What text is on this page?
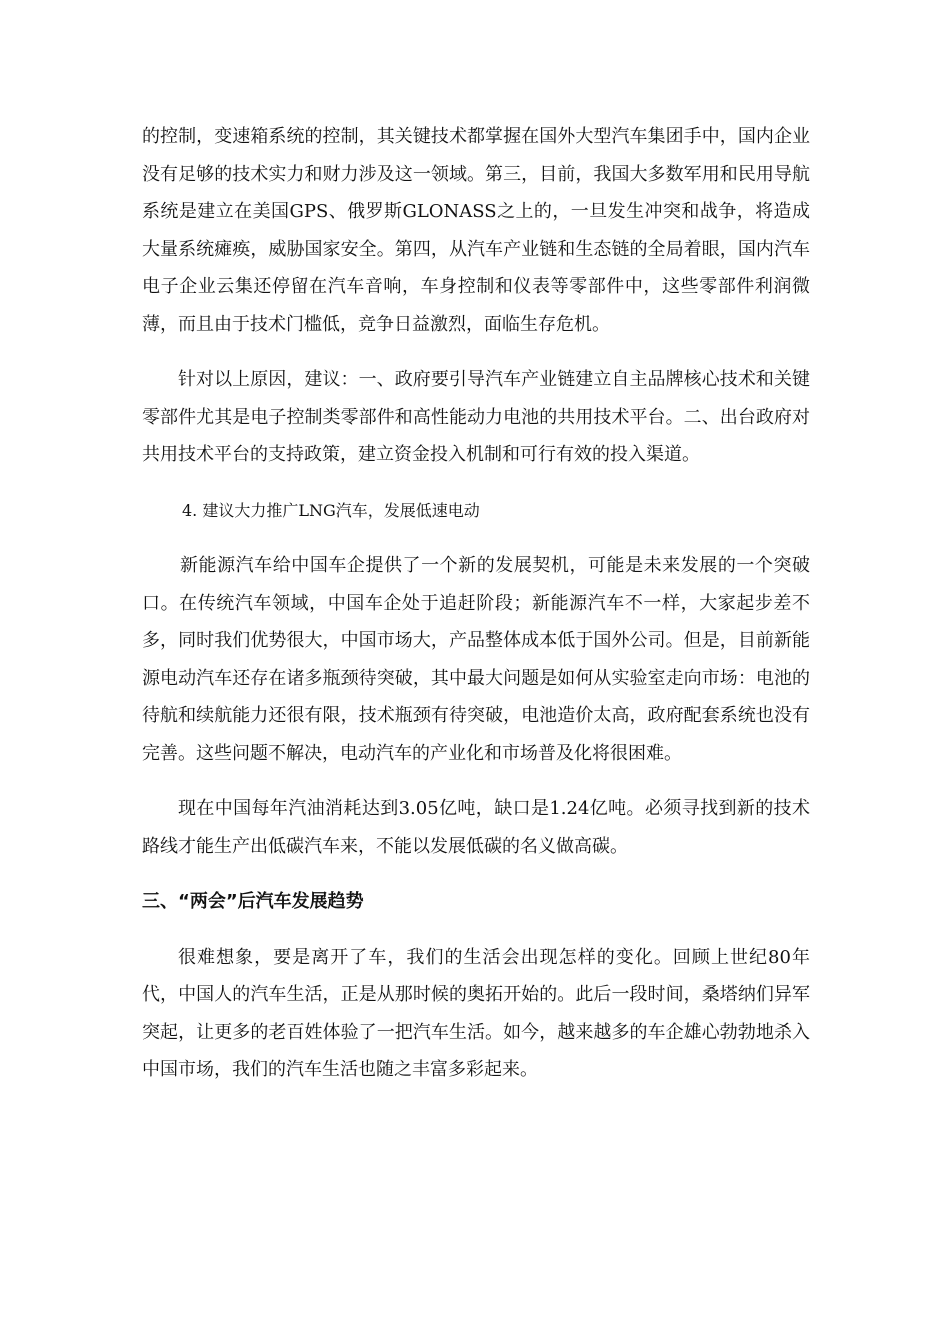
的控制，变速箱系统的控制，其关键技术都掌握在国外大型汽车集团手中，国内企业没有足够的技术实力和财力涉及这一领域。第三，目前，我国大多数军用和民用导航系统是建立在美国GPS、俄罗斯GLONASS之上的，一旦发生冲突和战争，将造成大量系统瘫痪，威胁国家安全。第四，从汽车产业链和生态链的全局着眼，国内汽车电子企业云集还停留在汽车音响，车身控制和仪表等零部件中，这些零部件利润微薄，而且由于技术门槛低，竞争日益激烈，面临生存危机。

针对以上原因，建议：一、政府要引导汽车产业链建立自主品牌核心技术和关键零部件尤其是电子控制类零部件和高性能动力电池的共用技术平台。二、出台政府对共用技术平台的支持政策，建立资金投入机制和可行有效的投入渠道。

4. 建议大力推广LNG汽车，发展低速电动

新能源汽车给中国车企提供了一个新的发展契机，可能是未来发展的一个突破口。在传统汽车领域，中国车企处于追赶阶段；新能源汽车不一样，大家起步差不多，同时我们优势很大，中国市场大，产品整体成本低于国外公司。但是，目前新能源电动汽车还存在诸多瓶颈待突破，其中最大问题是如何从实验室走向市场：电池的待航和续航能力还很有限，技术瓶颈有待突破，电池造价太高，政府配套系统也没有完善。这些问题不解决，电动汽车的产业化和市场普及化将很困难。

现在中国每年汽油消耗达到3.05亿吨，缺口是1.24亿吨。必须寻找到新的技术路线才能生产出低碳汽车来，不能以发展低碳的名义做高碳。

三、“两会”后汽车发展趋势

很难想象，要是离开了车，我们的生活会出现怎样的变化。回顾上世纪80年代，中国人的汽车生活，正是从那时候的奥拓开始的。此后一段时间，桑塔纳们异军突起，让更多的老百姓体验了一把汽车生活。如今，越来越多的车企雄心勃勃地杀入中国市场，我们的汽车生活也随之丰富多彩起来。
